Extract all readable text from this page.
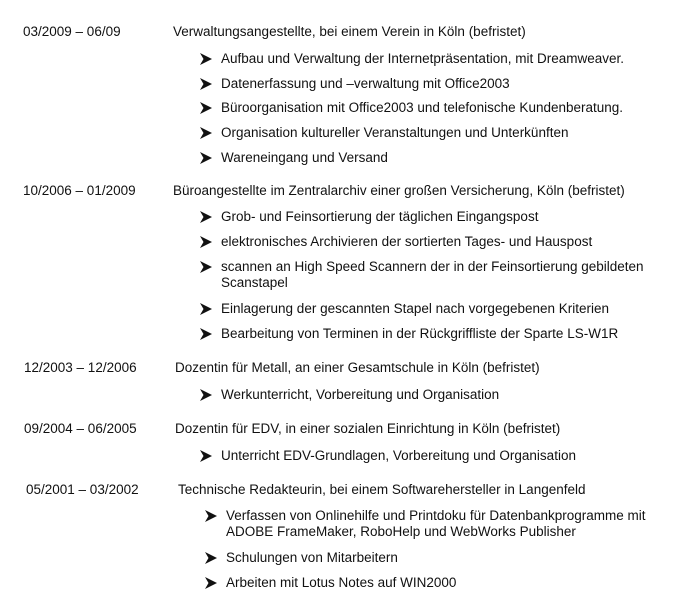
03/2009 – 06/09	Verwaltungsangestellte, bei einem Verein in Köln (befristet)
Aufbau und Verwaltung der Internetpräsentation, mit Dreamweaver.
Datenerfassung und –verwaltung mit Office2003
Büroorganisation mit Office2003 und telefonische Kundenberatung.
Organisation kultureller Veranstaltungen und Unterkünften
Wareneingang und Versand
10/2006 – 01/2009	Büroangestellte im Zentralarchiv einer großen Versicherung, Köln (befristet)
Grob- und Feinsortierung der täglichen Eingangspost
elektronisches Archivieren der sortierten Tages- und Hauspost
scannen an High Speed Scannern der in der Feinsortierung gebildeten Scanstapel
Einlagerung der gescannten Stapel nach vorgegebenen Kriterien
Bearbeitung von Terminen in der Rückgriffliste der Sparte LS-W1R
12/2003 – 12/2006	Dozentin für Metall, an einer Gesamtschule in Köln (befristet)
Werkunterricht, Vorbereitung und Organisation
09/2004 – 06/2005	Dozentin für EDV, in einer sozialen Einrichtung in Köln (befristet)
Unterricht EDV-Grundlagen, Vorbereitung und Organisation
05/2001 – 03/2002	Technische Redakteurin, bei einem Softwarehersteller in Langenfeld
Verfassen von Onlinehilfe und Printdoku für Datenbankprogramme mit ADOBE FrameMaker, RoboHelp und WebWorks Publisher
Schulungen von Mitarbeitern
Arbeiten mit Lotus Notes auf WIN2000
